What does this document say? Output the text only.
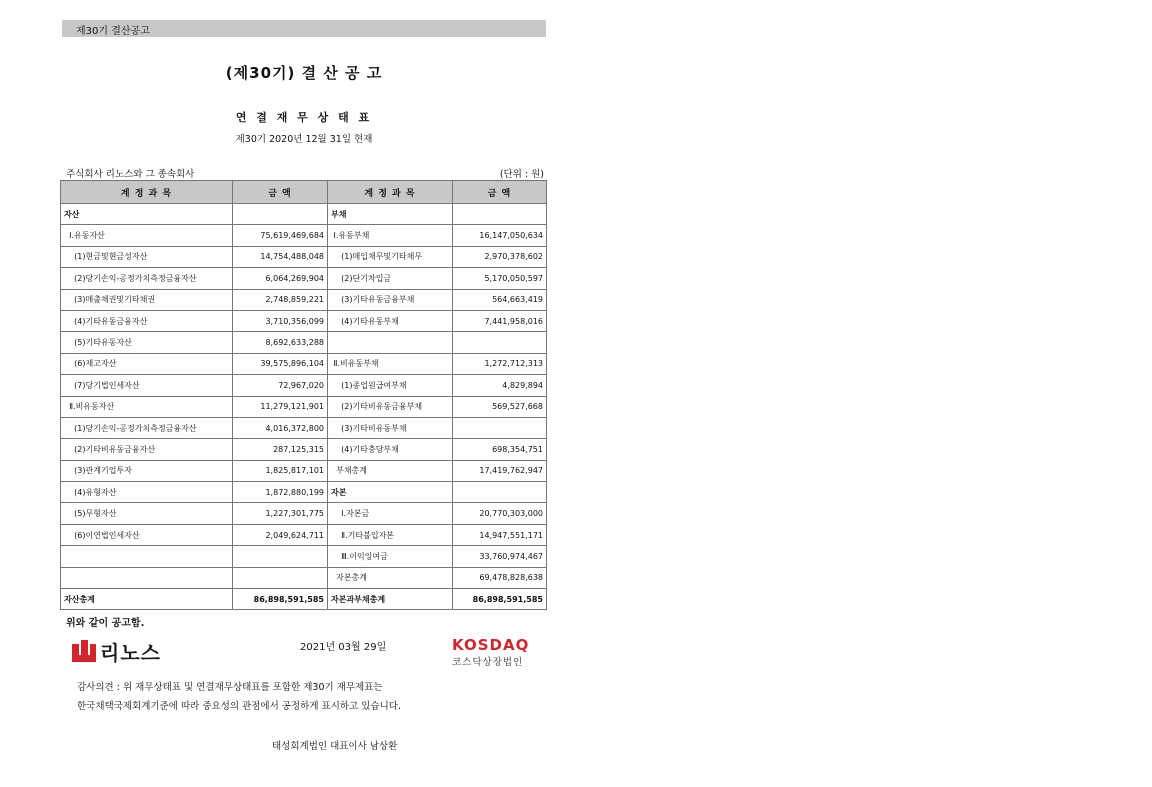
제30기 결산공고
(제30기) 결 산 공 고
연 결 재 무 상 태 표
제30기 2020년 12월 31일 현재
주식회사 리노스와 그 종속회사	(단위 : 원)
계 정 과 목	금 액	계 정 과 목	금 액
자산		부채	
Ⅰ.유동자산	75,619,469,684	Ⅰ.유동부채	16,147,050,634
(1)현금및현금성자산	14,754,488,048	(1)매입채무및기타채무	2,970,378,602
(2)당기손익-공정가치측정금융자산	6,064,269,904	(2)단기차입금	5,170,050,597
(3)매출채권및기타채권	2,748,859,221	(3)기타유동금융부채	564,663,419
(4)기타유동금융자산	3,710,356,099	(4)기타유동부채	7,441,958,016
(5)기타유동자산	8,692,633,288		
(6)재고자산	39,575,896,104	Ⅱ.비유동부채	1,272,712,313
(7)당기법인세자산	72,967,020	(1)종업원급여부채	4,829,894
Ⅱ.비유동자산	11,279,121,901	(2)기타비유동금융부채	569,527,668
(1)당기손익-공정가치측정금융자산	4,016,372,800	(3)기타비유동부채	
(2)기타비유동금융자산	287,125,315	(4)기타충당부채	698,354,751
(3)관계기업투자	1,825,817,101	부채총계	17,419,762,947
(4)유형자산	1,872,880,199	자본	
(5)무형자산	1,227,301,775	Ⅰ.자본금	20,770,303,000
(6)이연법인세자산	2,049,624,711	Ⅱ.기타불입자본	14,947,551,171
		Ⅲ.이익잉여금	33,760,974,467
		자본총계	69,478,828,638
자산총계	86,898,591,585	자본과부채총계	86,898,591,585
위와 같이 공고함.
리노스	2021년 03월 29일	KOSDAQ
코스닥상장법인
감사의견 : 위 재무상태표 및 연결재무상태표를 포함한 제30기 재무제표는
한국채택국제회계기준에 따라 중요성의 관점에서 공정하게 표시하고 있습니다.
태성회계법인 대표이사 남상환
